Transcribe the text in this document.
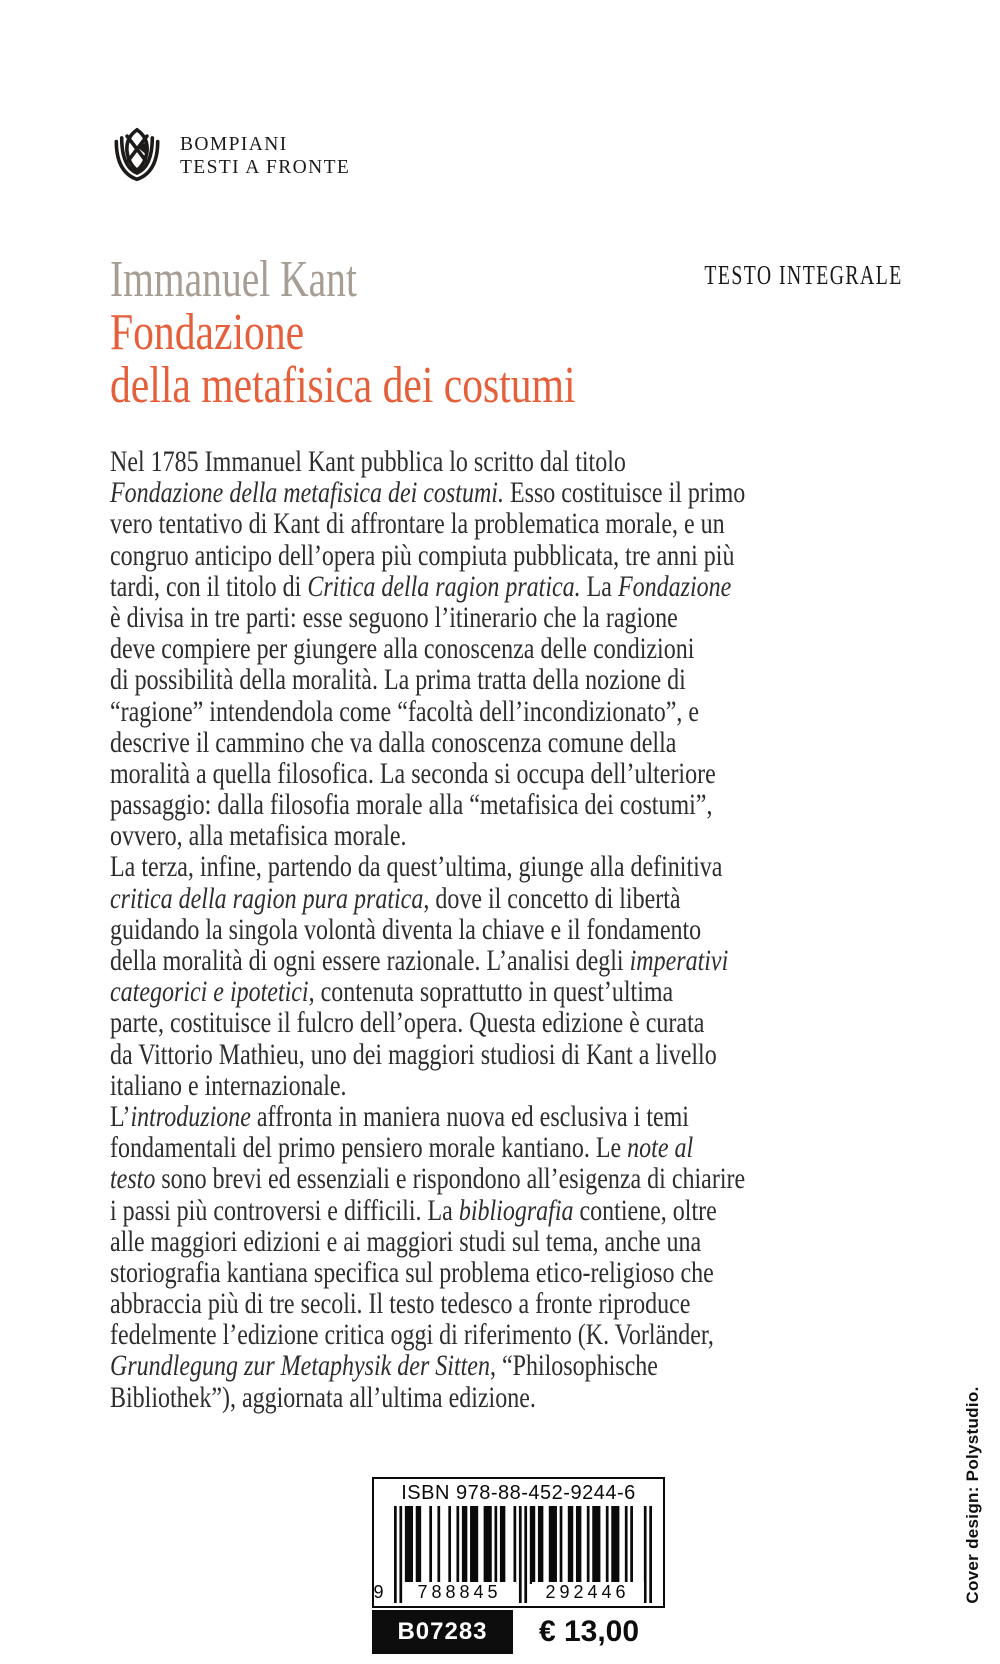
BOMPIANI
TESTI A FRONTE
Immanuel Kant	TESTO INTEGRALE
Fondazione
della metafisica dei costumi
Nel 1785 Immanuel Kant pubblica lo scritto dal titolo
Fondazione della metafisica dei costumi. Esso costituisce il primo
vero tentativo di Kant di affrontare la problematica morale, e un
congruo anticipo dell’opera più compiuta pubblicata, tre anni più
tardi, con il titolo di Critica della ragion pratica. La Fondazione
è divisa in tre parti: esse seguono l’itinerario che la ragione
deve compiere per giungere alla conoscenza delle condizioni
di possibilità della moralità. La prima tratta della nozione di
“ragione” intendendola come “facoltà dell’incondizionato”, e
descrive il cammino che va dalla conoscenza comune della
moralità a quella filosofica. La seconda si occupa dell’ulteriore
passaggio: dalla filosofia morale alla “metafisica dei costumi”,
ovvero, alla metafisica morale.
La terza, infine, partendo da quest’ultima, giunge alla definitiva
critica della ragion pura pratica, dove il concetto di libertà
guidando la singola volontà diventa la chiave e il fondamento
della moralità di ogni essere razionale. L’analisi degli imperativi
categorici e ipotetici, contenuta soprattutto in quest’ultima
parte, costituisce il fulcro dell’opera. Questa edizione è curata
da Vittorio Mathieu, uno dei maggiori studiosi di Kant a livello
italiano e internazionale.
L’introduzione affronta in maniera nuova ed esclusiva i temi
fondamentali del primo pensiero morale kantiano. Le note al
testo sono brevi ed essenziali e rispondono all’esigenza di chiarire
i passi più controversi e difficili. La bibliografia contiene, oltre
alle maggiori edizioni e ai maggiori studi sul tema, anche una
storiografia kantiana specifica sul problema etico-religioso che
abbraccia più di tre secoli. Il testo tedesco a fronte riproduce
fedelmente l’edizione critica oggi di riferimento (K. Vorländer,
Grundlegung zur Metaphysik der Sitten, “Philosophische
Bibliothek”), aggiornata all’ultima edizione.
ISBN 978-88-452-9244-6
9	788845	292446
B07283	€ 13,00
Cover design: Polystudio.
